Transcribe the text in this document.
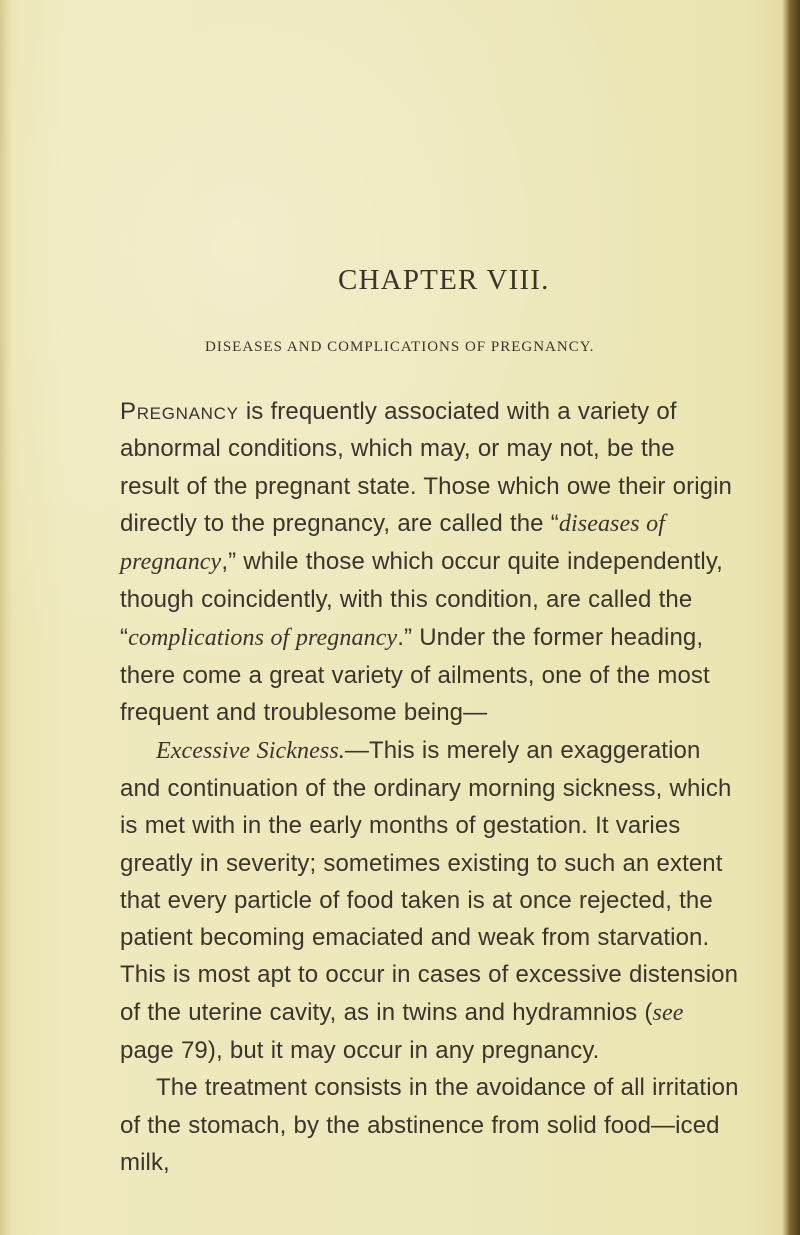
CHAPTER VIII.
DISEASES AND COMPLICATIONS OF PREGNANCY.

Pregnancy is frequently associated with a variety of abnormal conditions, which may, or may not, be the result of the pregnant state. Those which owe their origin directly to the pregnancy, are called the “diseases of pregnancy,” while those which occur quite independently, though coincidently, with this condition, are called the “complications of pregnancy.” Under the former heading, there come a great variety of ailments, one of the most frequent and troublesome being—

Excessive Sickness.—This is merely an exaggeration and continuation of the ordinary morning sickness, which is met with in the early months of gestation. It varies greatly in severity; sometimes existing to such an extent that every particle of food taken is at once rejected, the patient becoming emaciated and weak from starvation. This is most apt to occur in cases of excessive distension of the uterine cavity, as in twins and hydramnios (see page 79), but it may occur in any pregnancy.

The treatment consists in the avoidance of all irritation of the stomach, by the abstinence from solid food—iced milk,
